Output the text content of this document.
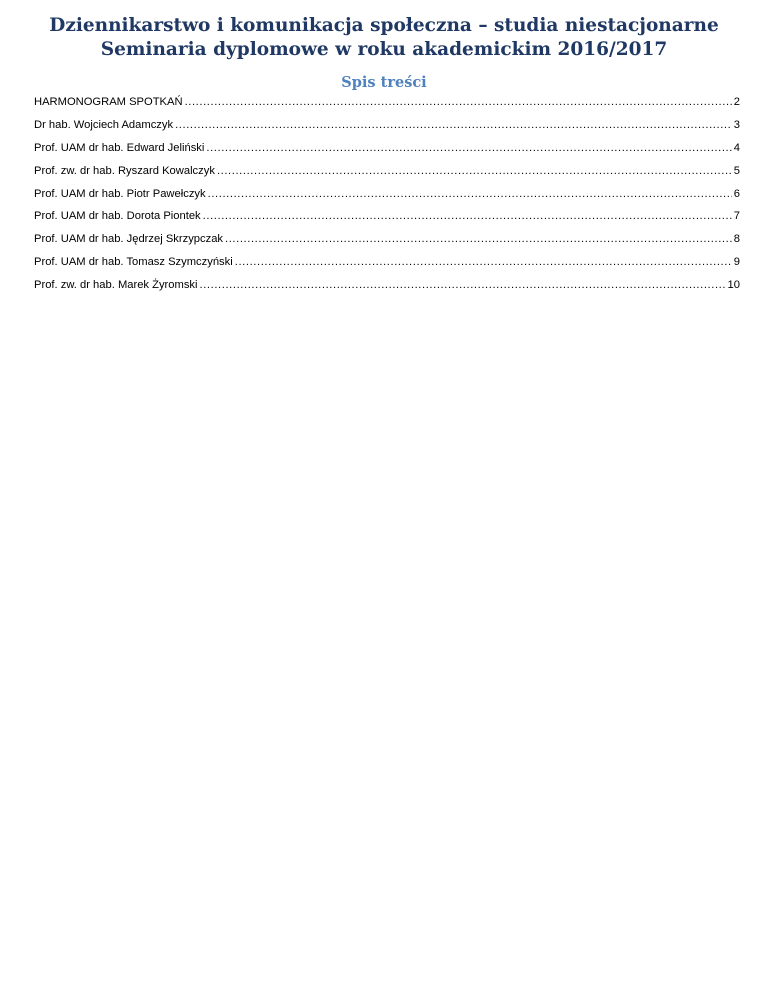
Dziennikarstwo i komunikacja społeczna – studia niestacjonarne
Seminaria dyplomowe w roku akademickim 2016/2017
Spis treści
HARMONOGRAM SPOTKAŃ .....	2
Dr hab. Wojciech Adamczyk .....	3
Prof. UAM dr hab. Edward Jeliński .....	4
Prof. zw. dr hab. Ryszard Kowalczyk .....	5
Prof. UAM dr hab. Piotr Pawełczyk .....	6
Prof. UAM dr hab. Dorota Piontek .....	7
Prof. UAM dr hab. Jędrzej Skrzypczak .....	8
Prof. UAM dr hab. Tomasz Szymczyński .....	9
Prof. zw. dr hab. Marek Żyromski .....	10
